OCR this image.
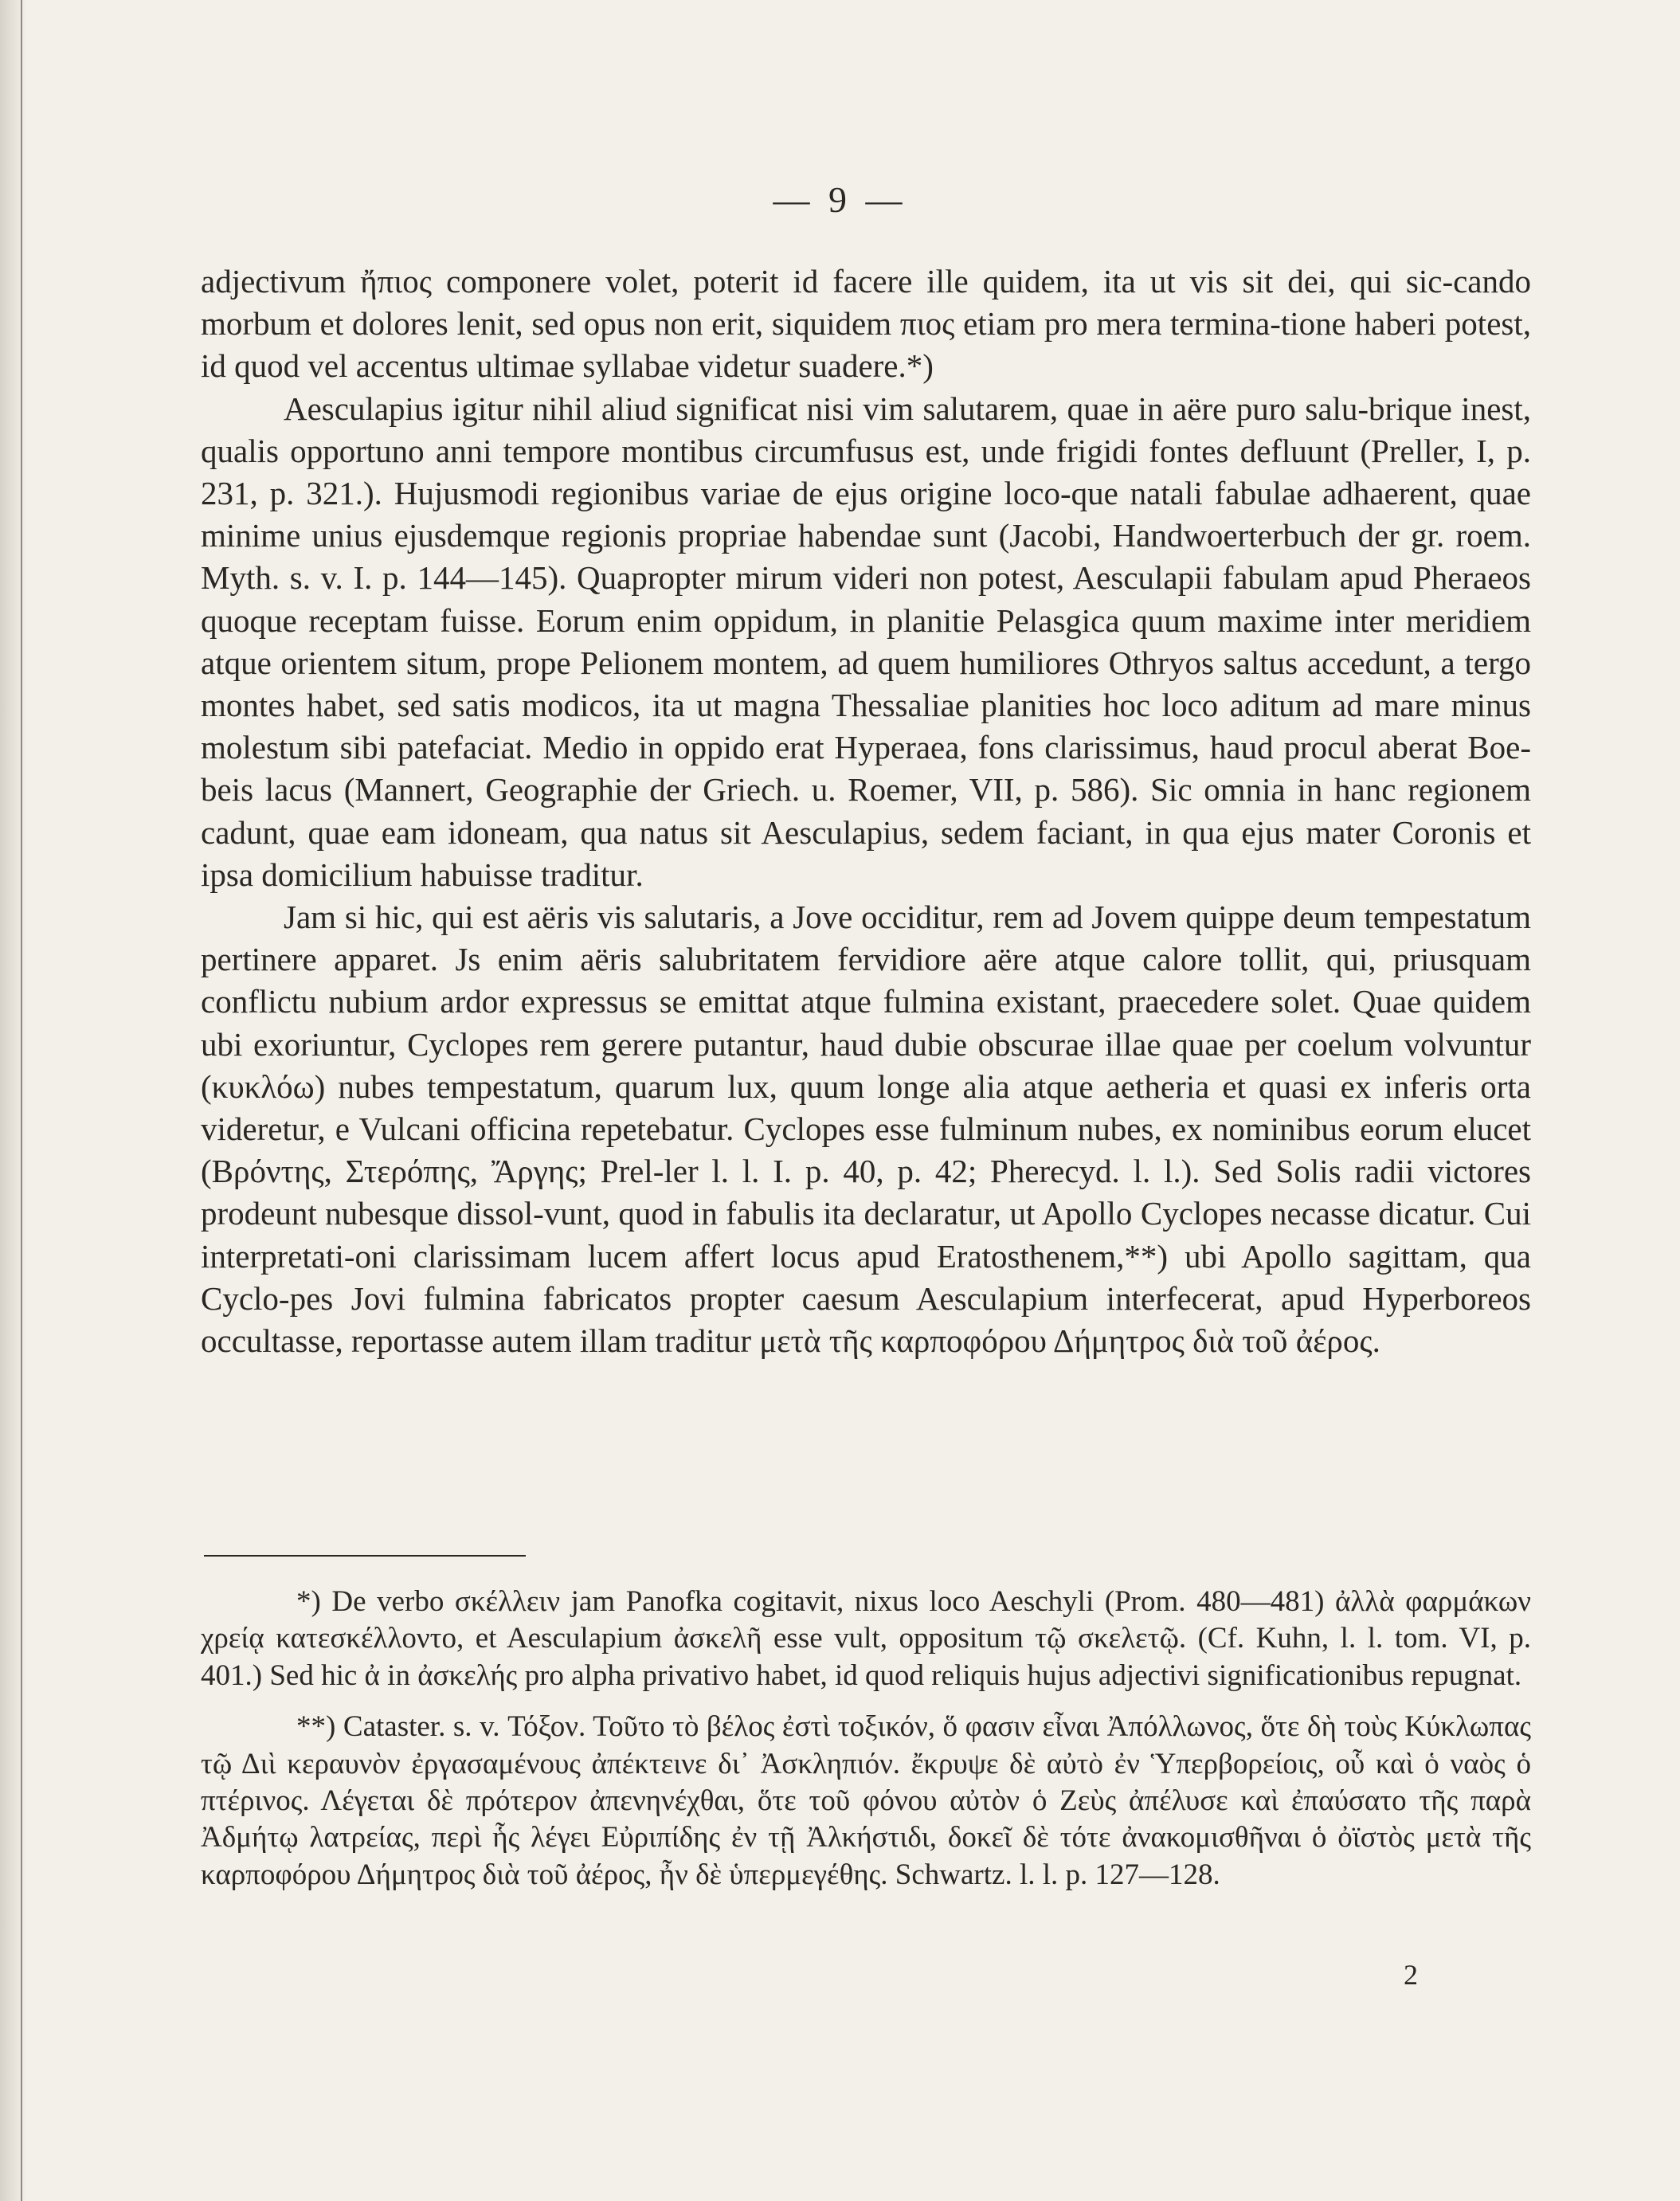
— 9 —

adjectivum ἤπιος componere volet, poterit id facere ille quidem, ita ut vis sit dei, qui sic-cando morbum et dolores lenit, sed opus non erit, siquidem πιος etiam pro mera termina-tione haberi potest, id quod vel accentus ultimae syllabae videtur suadere.*)

Aesculapius igitur nihil aliud significat nisi vim salutarem, quae in aëre puro salu-brique inest, qualis opportuno anni tempore montibus circumfusus est, unde frigidi fontes defluunt (Preller, I, p. 231, p. 321.). Hujusmodi regionibus variae de ejus origine loco-que natali fabulae adhaerent, quae minime unius ejusdemque regionis propriae habendae sunt (Jacobi, Handwoerterbuch der gr. roem. Myth. s. v. I. p. 144—145). Quapropter mirum videri non potest, Aesculapii fabulam apud Pheraeos quoque receptam fuisse. Eorum enim oppidum, in planitie Pelasgica quum maxime inter meridiem atque orientem situm, prope Pelionem montem, ad quem humiliores Othryos saltus accedunt, a tergo montes habet, sed satis modicos, ita ut magna Thessaliae planities hoc loco aditum ad mare minus molestum sibi patefaciat. Medio in oppido erat Hyperaea, fons clarissimus, haud procul aberat Boe-beis lacus (Mannert, Geographie der Griech. u. Roemer, VII, p. 586). Sic omnia in hanc regionem cadunt, quae eam idoneam, qua natus sit Aesculapius, sedem faciant, in qua ejus mater Coronis et ipsa domicilium habuisse traditur.

Jam si hic, qui est aëris vis salutaris, a Jove occiditur, rem ad Jovem quippe deum tempestatum pertinere apparet. Js enim aëris salubritatem fervidiore aëre atque calore tollit, qui, priusquam conflictu nubium ardor expressus se emittat atque fulmina existant, praecedere solet. Quae quidem ubi exoriuntur, Cyclopes rem gerere putantur, haud dubie obscurae illae quae per coelum volvuntur (κυκλόω) nubes tempestatum, quarum lux, quum longe alia atque aetheria et quasi ex inferis orta videretur, e Vulcani officina repetebatur. Cyclopes esse fulminum nubes, ex nominibus eorum elucet (Βρόντης, Στερόπης, Ἄργης; Prel-ler l. l. I. p. 40, p. 42; Pherecyd. l. l.). Sed Solis radii victores prodeunt nubesque dissol-vunt, quod in fabulis ita declaratur, ut Apollo Cyclopes necasse dicatur. Cui interpretati-oni clarissimam lucem affert locus apud Eratosthenem,**) ubi Apollo sagittam, qua Cyclo-pes Jovi fulmina fabricatos propter caesum Aesculapium interfecerat, apud Hyperboreos occultasse, reportasse autem illam traditur μετὰ τῆς καρποφόρου Δήμητρος διὰ τοῦ ἀέρος.

*) De verbo σκέλλειν jam Panofka cogitavit, nixus loco Aeschyli (Prom. 480—481) ἀλλὰ φαρμάκων χρείᾳ κατεσκέλλοντο, et Aesculapium ἀσκελῆ esse vult, oppositum τῷ σκελετῷ. (Cf. Kuhn, l. l. tom. VI, p. 401.) Sed hic ἀ in ἀσκελής pro alpha privativo habet, id quod reliquis hujus adjectivi significationibus repugnat.

**) Cataster. s. v. Τόξον. Τοῦτο τὸ βέλος ἐστὶ τοξικόν, ὅ φασιν εἶναι Ἀπόλλωνος, ὅτε δὴ τοὺς Κύκλωπας τῷ Διὶ κεραυνὸν ἐργασαμένους ἀπέκτεινε δι᾽ Ἀσκληπιόν. ἔκρυψε δὲ αὐτὸ ἐν Ὑπερβορείοις, οὗ καὶ ὁ ναὸς ὁ πτέρινος. Λέγεται δὲ πρότερον ἀπενηνέχθαι, ὅτε τοῦ φόνου αὐτὸν ὁ Ζεὺς ἀπέλυσε καὶ ἐπαύσατο τῆς παρὰ Ἀδμήτῳ λατρείας, περὶ ἧς λέγει Εὐριπίδης ἐν τῇ Ἀλκήστιδι, δοκεῖ δὲ τότε ἀνακομισθῆναι ὁ ὀϊστὸς μετὰ τῆς καρποφόρου Δήμητρος διὰ τοῦ ἀέρος, ἦν δὲ ὑπερμεγέθης. Schwartz. l. l. p. 127—128.

2
